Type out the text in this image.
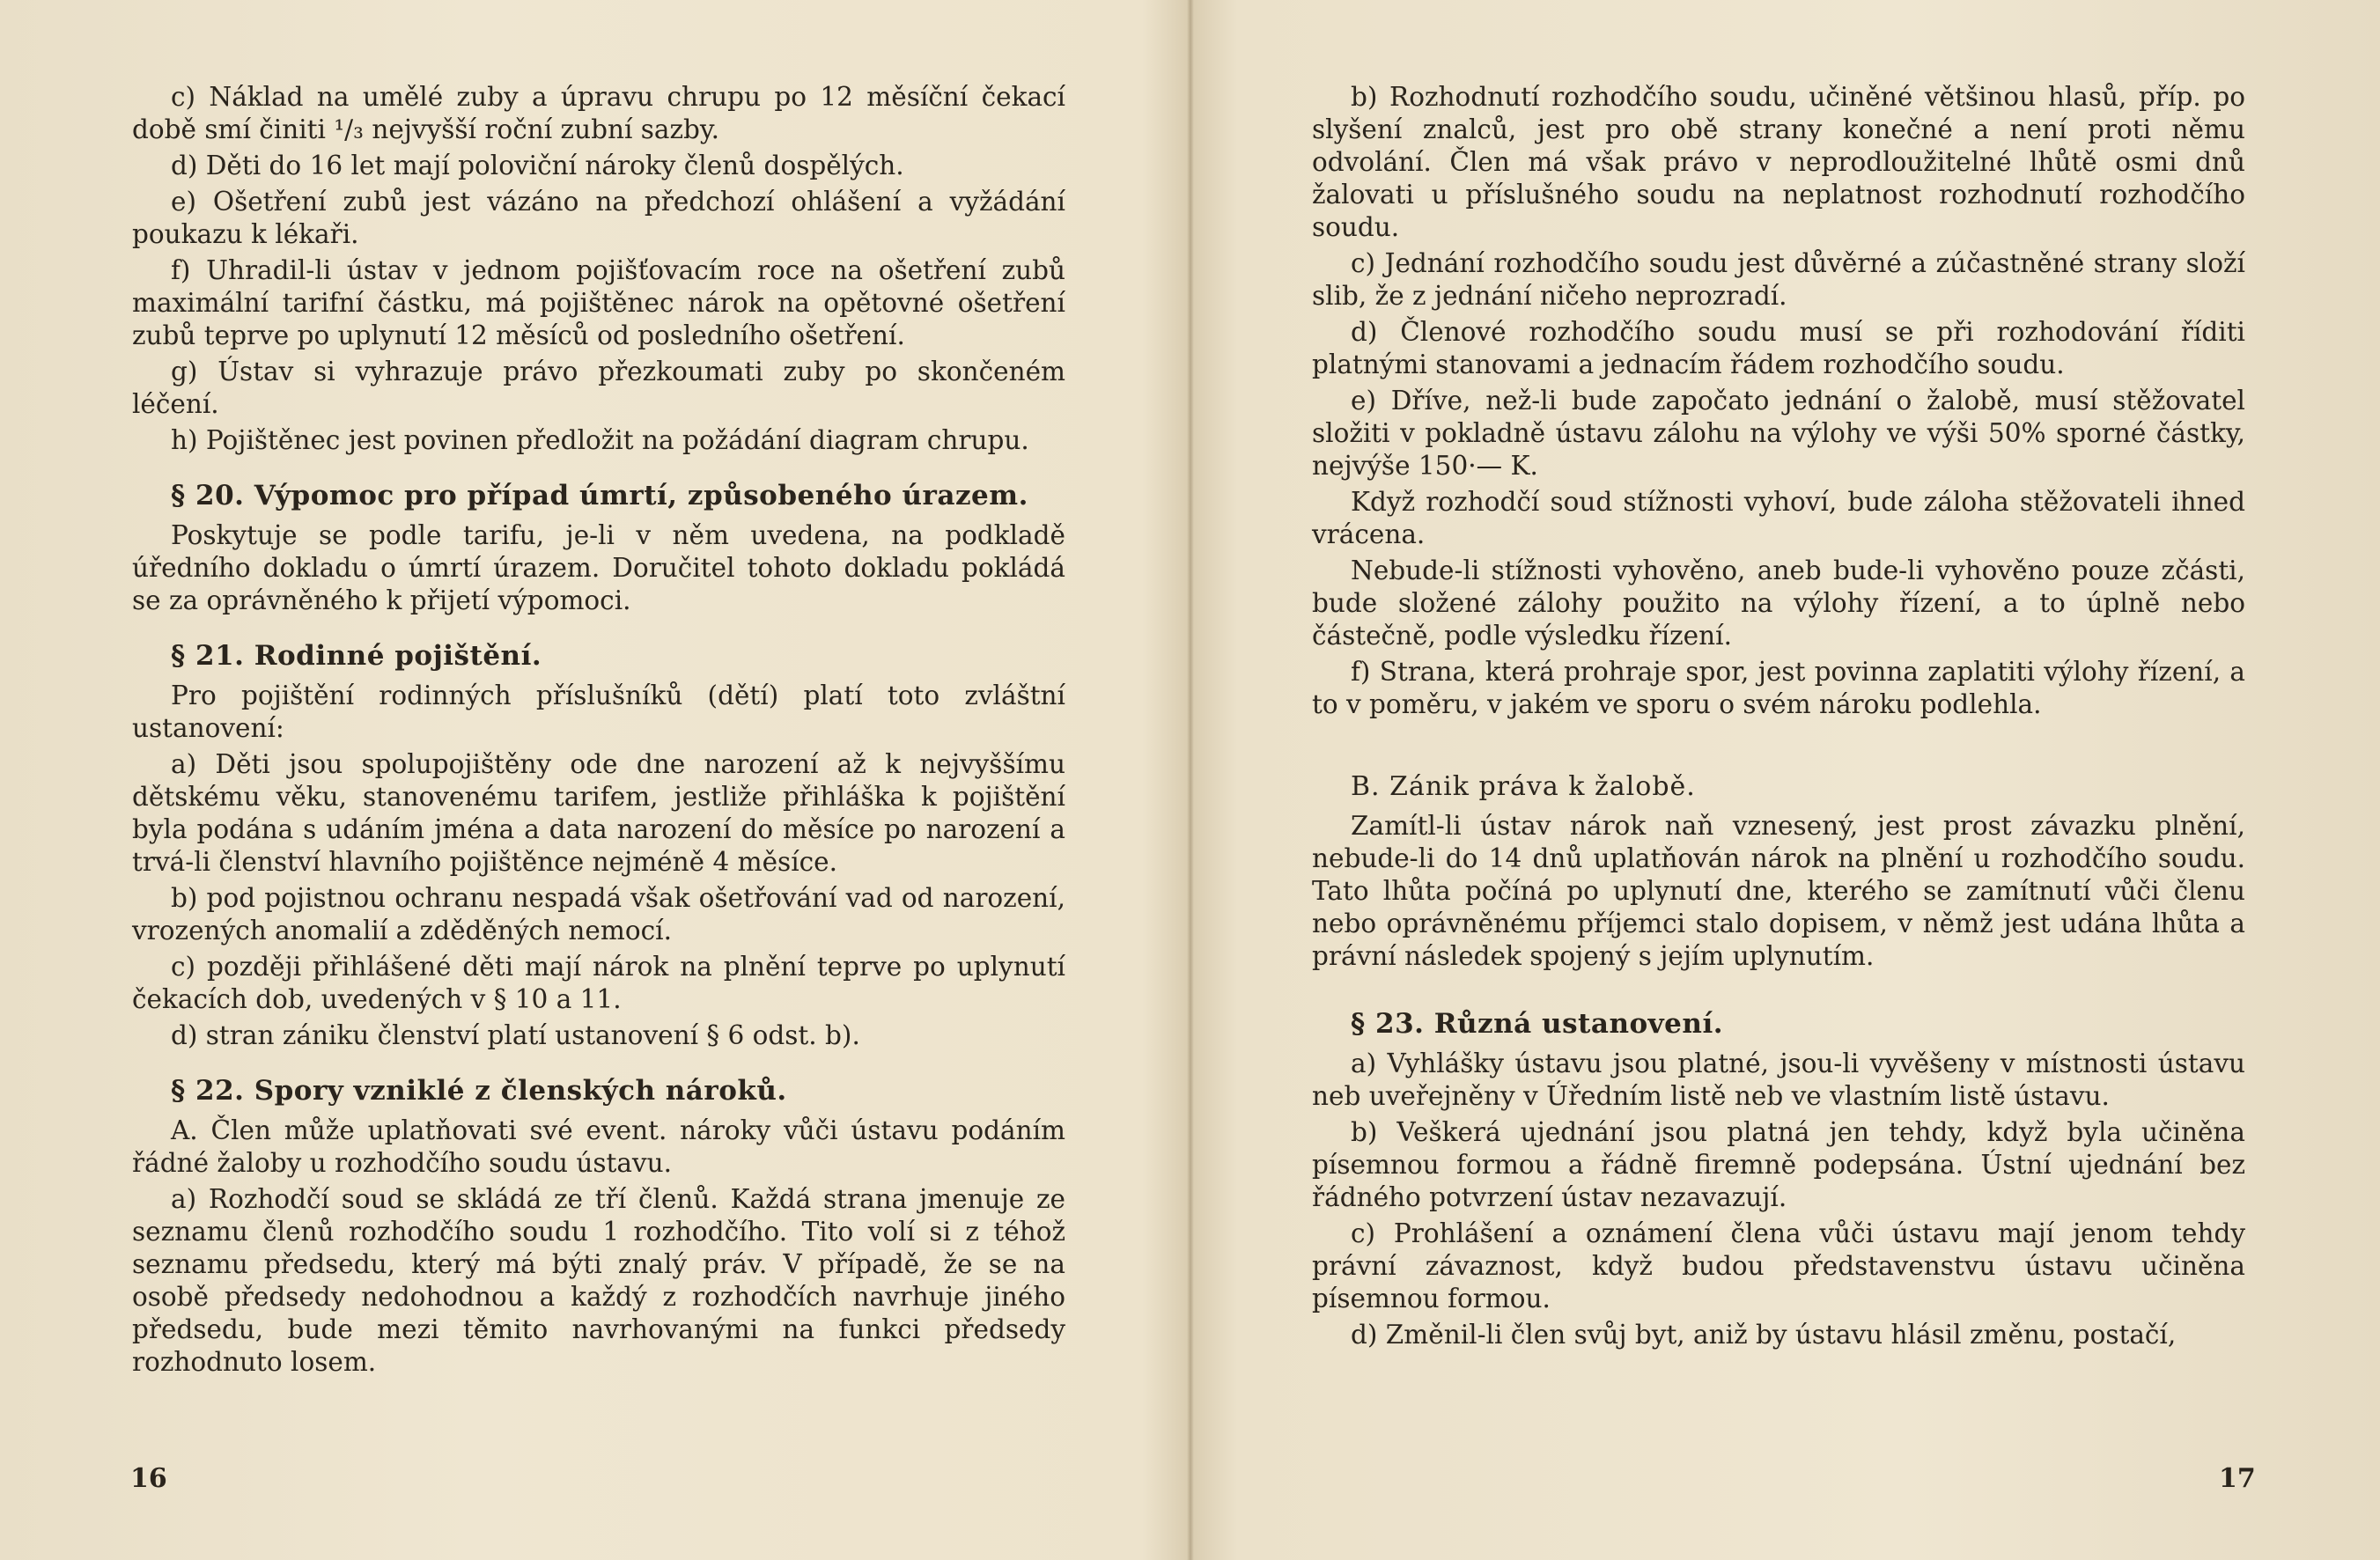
c) Náklad na umělé zuby a úpravu chrupu po 12 měsíční čekací době smí činiti ¹/₃ nejvyšší roční zubní sazby.

d) Děti do 16 let mají poloviční nároky členů dospělých.

e) Ošetření zubů jest vázáno na předchozí ohlášení a vyžádání poukazu k lékaři.

f) Uhradil-li ústav v jednom pojišťovacím roce na ošetření zubů maximální tarifní částku, má pojištěnec nárok na opětovné ošetření zubů teprve po uplynutí 12 měsíců od posledního ošetření.

g) Ústav si vyhrazuje právo přezkoumati zuby po skončeném léčení.

h) Pojištěnec jest povinen předložit na požádání diagram chrupu.

§ 20. Výpomoc pro případ úmrtí, způsobeného úrazem.

Poskytuje se podle tarifu, je-li v něm uvedena, na podkladě úředního dokladu o úmrtí úrazem. Doručitel tohoto dokladu pokládá se za oprávněného k přijetí výpomoci.

§ 21. Rodinné pojištění.

Pro pojištění rodinných příslušníků (dětí) platí toto zvláštní ustanovení:

a) Děti jsou spolupojištěny ode dne narození až k nejvyššímu dětskému věku, stanovenému tarifem, jestliže přihláška k pojištění byla podána s udáním jména a data narození do měsíce po narození a trvá-li členství hlavního pojištěnce nejméně 4 měsíce.

b) pod pojistnou ochranu nespadá však ošetřování vad od narození, vrozených anomalií a zděděných nemocí.

c) později přihlášené děti mají nárok na plnění teprve po uplynutí čekacích dob, uvedených v § 10 a 11.

d) stran zániku členství platí ustanovení § 6 odst. b).

§ 22. Spory vzniklé z členských nároků.

A. Člen může uplatňovati své event. nároky vůči ústavu podáním řádné žaloby u rozhodčího soudu ústavu.

a) Rozhodčí soud se skládá ze tří členů. Každá strana jmenuje ze seznamu členů rozhodčího soudu 1 rozhodčího. Tito volí si z téhož seznamu předsedu, který má býti znalý práv. V případě, že se na osobě předsedy nedohodnou a každý z rozhodčích navrhuje jiného předsedu, bude mezi těmito navrhovanými na funkci předsedy rozhodnuto losem.

16

b) Rozhodnutí rozhodčího soudu, učiněné většinou hlasů, příp. po slyšení znalců, jest pro obě strany konečné a není proti němu odvolání. Člen má však právo v neprodloužitelné lhůtě osmi dnů žalovati u příslušného soudu na neplatnost rozhodnutí rozhodčího soudu.

c) Jednání rozhodčího soudu jest důvěrné a zúčastněné strany složí slib, že z jednání ničeho neprozradí.

d) Členové rozhodčího soudu musí se při rozhodování říditi platnými stanovami a jednacím řádem rozhodčího soudu.

e) Dříve, než-li bude započato jednání o žalobě, musí stěžovatel složiti v pokladně ústavu zálohu na výlohy ve výši 50% sporné částky, nejvýše 150·— K.

Když rozhodčí soud stížnosti vyhoví, bude záloha stěžovateli ihned vrácena.

Nebude-li stížnosti vyhověno, aneb bude-li vyhověno pouze zčásti, bude složené zálohy použito na výlohy řízení, a to úplně nebo částečně, podle výsledku řízení.

f) Strana, která prohraje spor, jest povinna zaplatiti výlohy řízení, a to v poměru, v jakém ve sporu o svém nároku podlehla.

B. Zánik práva k žalobě.

Zamítl-li ústav nárok naň vznesený, jest prost závazku plnění, nebude-li do 14 dnů uplatňován nárok na plnění u rozhodčího soudu. Tato lhůta počíná po uplynutí dne, kterého se zamítnutí vůči členu nebo oprávněnému příjemci stalo dopisem, v němž jest udána lhůta a právní následek spojený s jejím uplynutím.

§ 23. Různá ustanovení.

a) Vyhlášky ústavu jsou platné, jsou-li vyvěšeny v místnosti ústavu neb uveřejněny v Úředním listě neb ve vlastním listě ústavu.

b) Veškerá ujednání jsou platná jen tehdy, když byla učiněna písemnou formou a řádně firemně podepsána. Ústní ujednání bez řádného potvrzení ústav nezavazují.

c) Prohlášení a oznámení člena vůči ústavu mají jenom tehdy právní závaznost, když budou představenstvu ústavu učiněna písemnou formou.

d) Změnil-li člen svůj byt, aniž by ústavu hlásil změnu, postačí,

17
